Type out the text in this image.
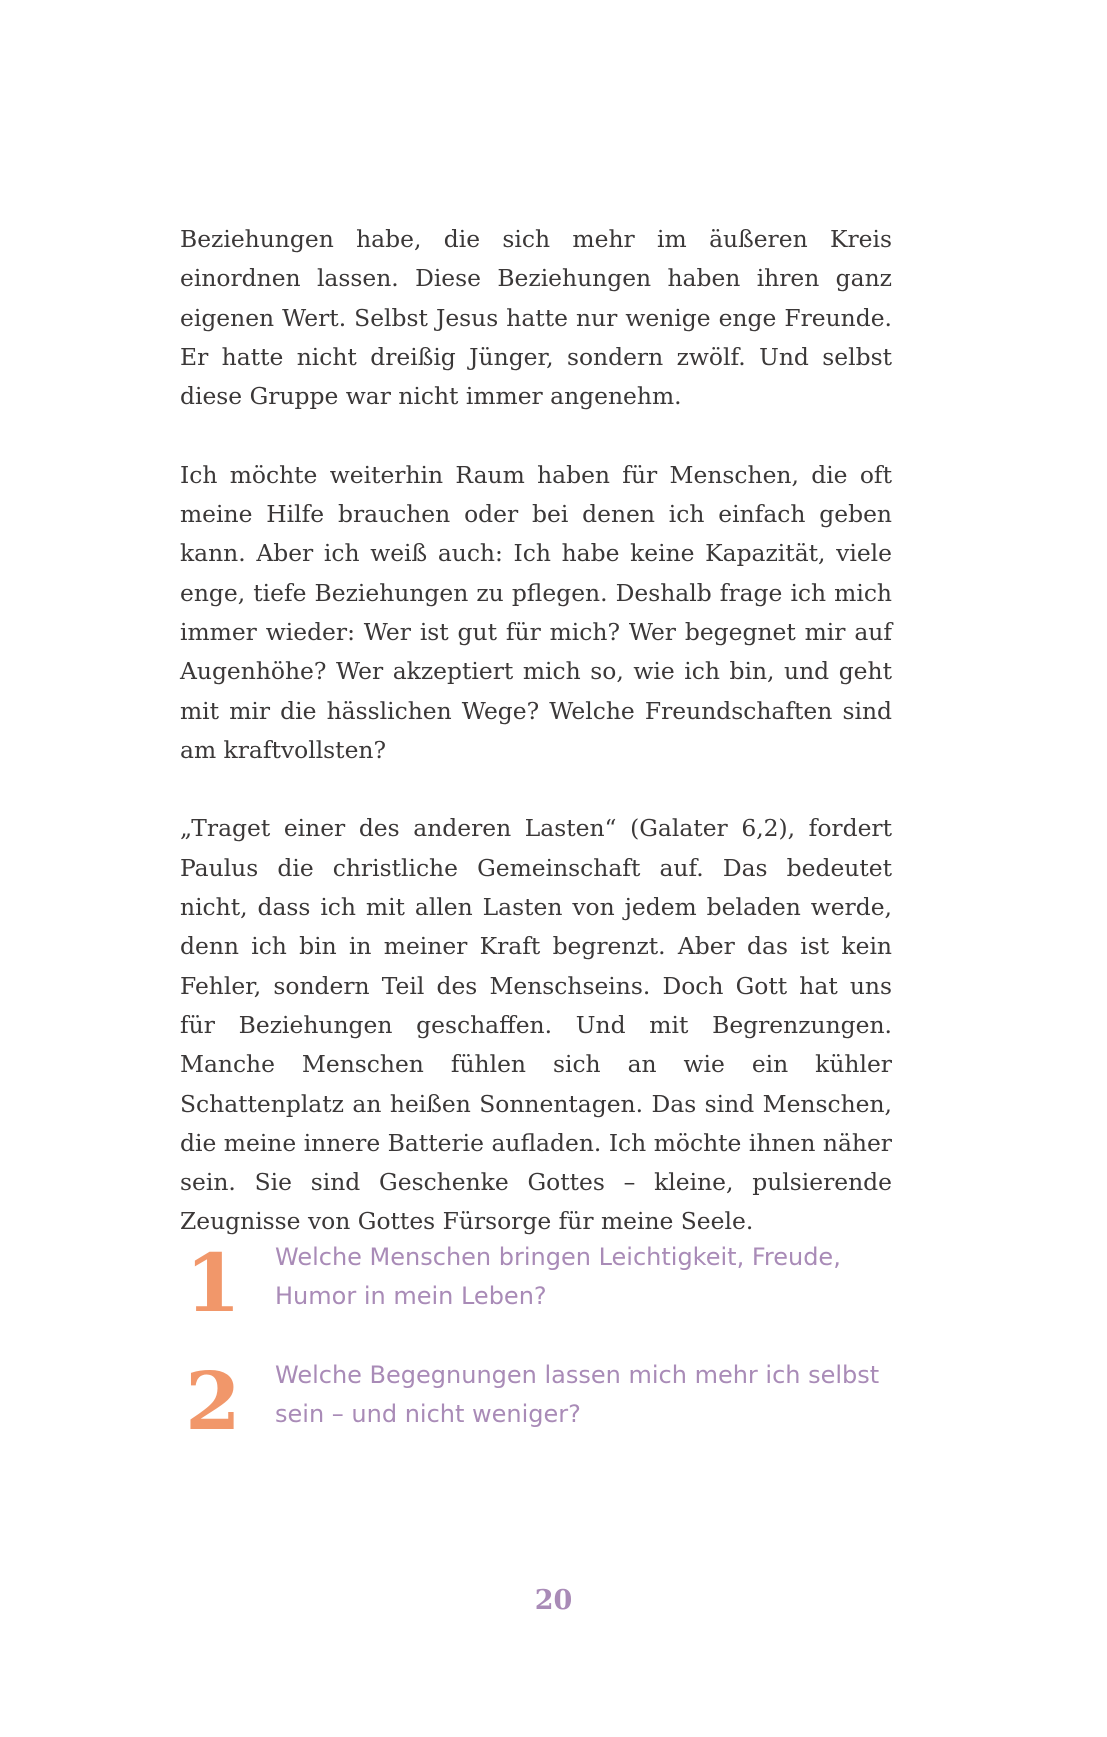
Beziehungen habe, die sich mehr im äußeren Kreis einordnen lassen. Diese Beziehungen haben ihren ganz eigenen Wert. Selbst Jesus hatte nur wenige enge Freunde. Er hatte nicht dreißig Jünger, sondern zwölf. Und selbst diese Gruppe war nicht immer angenehm.

Ich möchte weiterhin Raum haben für Menschen, die oft meine Hilfe brauchen oder bei denen ich einfach geben kann. Aber ich weiß auch: Ich habe keine Kapazität, viele enge, tiefe Beziehungen zu pflegen. Deshalb frage ich mich immer wieder: Wer ist gut für mich? Wer begegnet mir auf Augenhöhe? Wer akzeptiert mich so, wie ich bin, und geht mit mir die hässlichen Wege? Welche Freundschaften sind am kraftvollsten?

„Traget einer des anderen Lasten“ (Galater 6,2), fordert Paulus die christliche Gemeinschaft auf. Das bedeutet nicht, dass ich mit allen Lasten von jedem beladen werde, denn ich bin in meiner Kraft begrenzt. Aber das ist kein Fehler, sondern Teil des Menschseins. Doch Gott hat uns für Beziehungen geschaffen. Und mit Begrenzungen. Manche Menschen fühlen sich an wie ein kühler Schattenplatz an heißen Sonnentagen. Das sind Menschen, die meine innere Batterie aufladen. Ich möchte ihnen näher sein. Sie sind Geschenke Gottes – kleine, pulsierende Zeugnisse von Gottes Fürsorge für meine Seele.

1 Welche Menschen bringen Leichtigkeit, Freude, Humor in mein Leben?
2 Welche Begegnungen lassen mich mehr ich selbst sein – und nicht weniger?
20
